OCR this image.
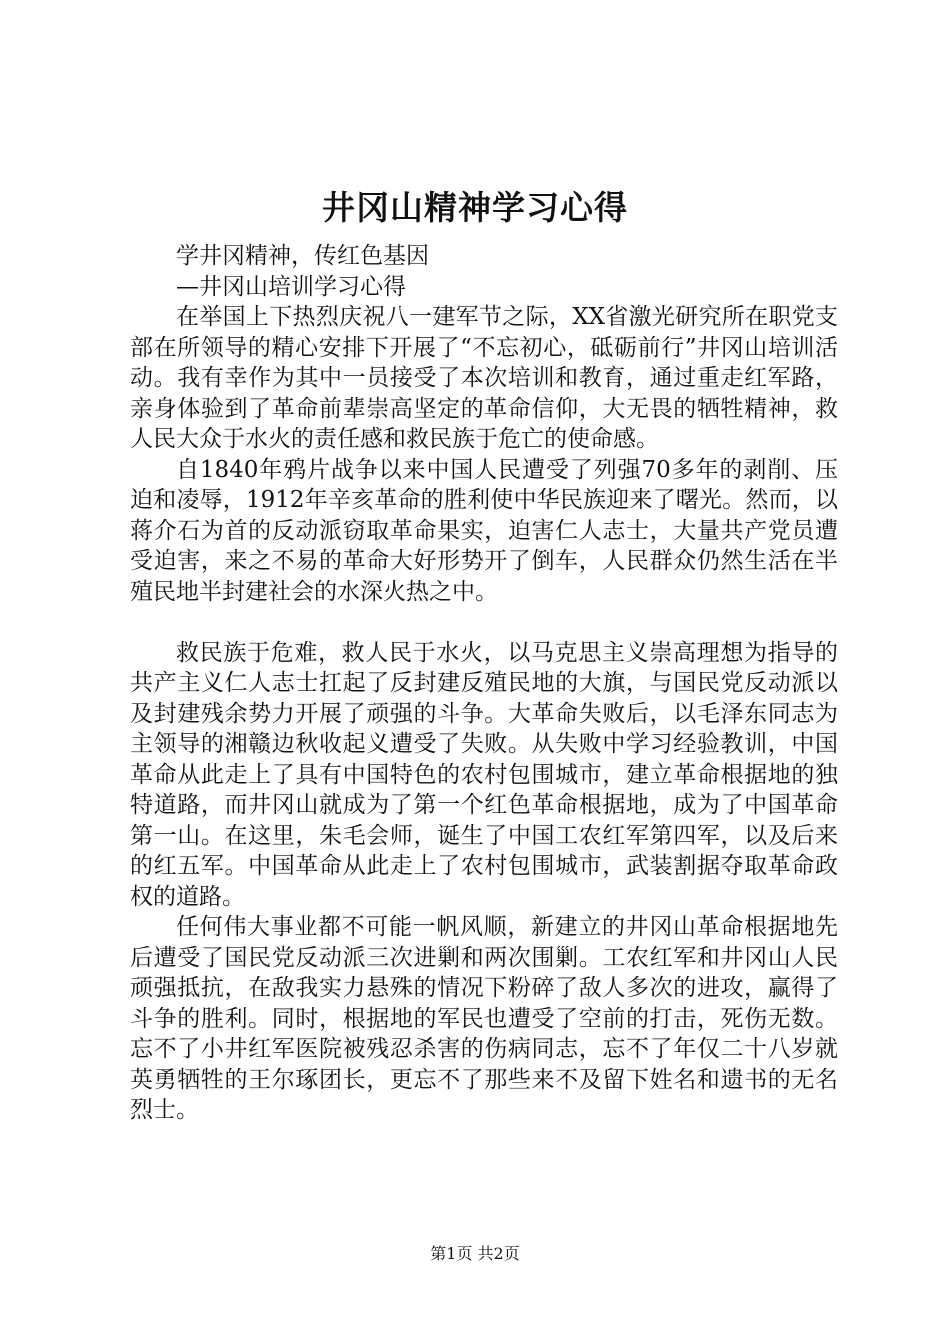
井冈山精神学习心得

学井冈精神，传红色基因

—井冈山培训学习心得

在举国上下热烈庆祝八一建军节之际，XX省激光研究所在职党支部在所领导的精心安排下开展了“不忘初心，砥砺前行”井冈山培训活动。我有幸作为其中一员接受了本次培训和教育，通过重走红军路，亲身体验到了革命前辈崇高坚定的革命信仰，大无畏的牺牲精神，救人民大众于水火的责任感和救民族于危亡的使命感。

自1840年鸦片战争以来中国人民遭受了列强70多年的剥削、压迫和凌辱，1912年辛亥革命的胜利使中华民族迎来了曙光。然而，以蒋介石为首的反动派窃取革命果实，迫害仁人志士，大量共产党员遭受迫害，来之不易的革命大好形势开了倒车，人民群众仍然生活在半殖民地半封建社会的水深火热之中。

救民族于危难，救人民于水火，以马克思主义崇高理想为指导的共产主义仁人志士扛起了反封建反殖民地的大旗，与国民党反动派以及封建残余势力开展了顽强的斗争。大革命失败后，以毛泽东同志为主领导的湘赣边秋收起义遭受了失败。从失败中学习经验教训，中国革命从此走上了具有中国特色的农村包围城市，建立革命根据地的独特道路，而井冈山就成为了第一个红色革命根据地，成为了中国革命第一山。在这里，朱毛会师，诞生了中国工农红军第四军，以及后来的红五军。中国革命从此走上了农村包围城市，武装割据夺取革命政权的道路。

任何伟大事业都不可能一帆风顺，新建立的井冈山革命根据地先后遭受了国民党反动派三次进剿和两次围剿。工农红军和井冈山人民顽强抵抗，在敌我实力悬殊的情况下粉碎了敌人多次的进攻，赢得了斗争的胜利。同时，根据地的军民也遭受了空前的打击，死伤无数。忘不了小井红军医院被残忍杀害的伤病同志，忘不了年仅二十八岁就英勇牺牲的王尔琢团长，更忘不了那些来不及留下姓名和遗书的无名烈士。

第1页 共2页
